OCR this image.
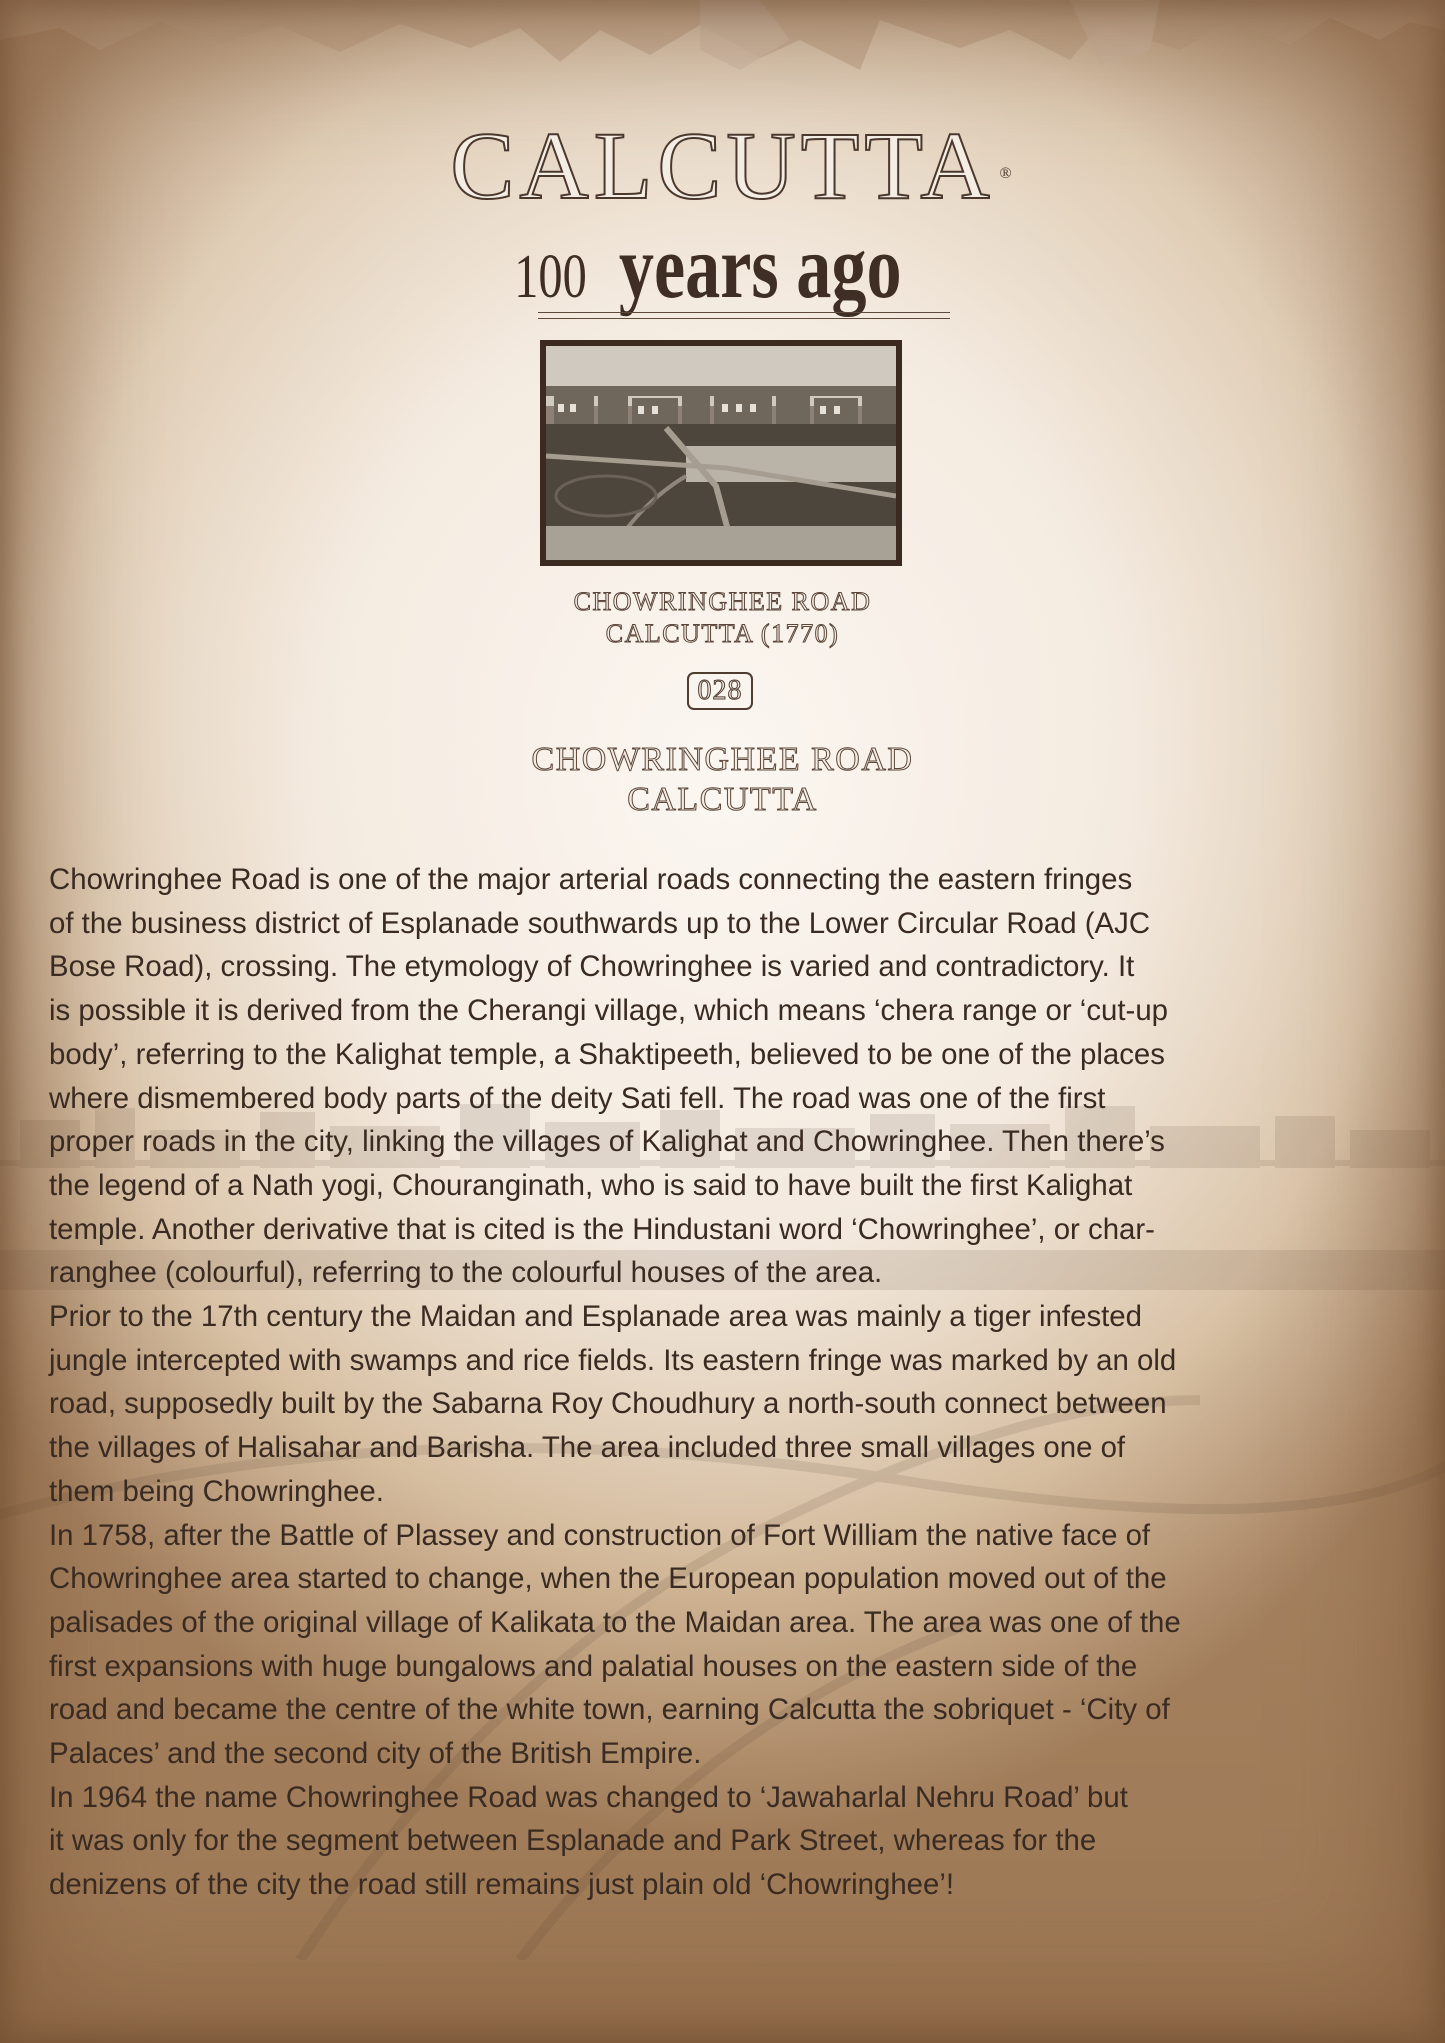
CALCUTTA ®
100 years ago
CHOWRINGHEE ROAD
CALCUTTA (1770)
028
CHOWRINGHEE ROAD
CALCUTTA

Chowringhee Road is one of the major arterial roads connecting the eastern fringes

of the business district of Esplanade southwards up to the Lower Circular Road (AJC

Bose Road), crossing. The etymology of Chowringhee is varied and contradictory. It

is possible it is derived from the Cherangi village, which means ‘chera range or ‘cut-up

body’, referring to the Kalighat temple, a Shaktipeeth, believed to be one of the places

where dismembered body parts of the deity Sati fell. The road was one of the first

proper roads in the city, linking the villages of Kalighat and Chowringhee. Then there’s

the legend of a Nath yogi, Chouranginath, who is said to have built the first Kalighat

temple. Another derivative that is cited is the Hindustani word ‘Chowringhee’, or char-

ranghee (colourful), referring to the colourful houses of the area.

Prior to the 17th century the Maidan and Esplanade area was mainly a tiger infested

jungle intercepted with swamps and rice fields. Its eastern fringe was marked by an old

road, supposedly built by the Sabarna Roy Choudhury a north-south connect between

the villages of Halisahar and Barisha. The area included three small villages one of

them being Chowringhee.

In 1758, after the Battle of Plassey and construction of Fort William the native face of

Chowringhee area started to change, when the European population moved out of the

palisades of the original village of Kalikata to the Maidan area. The area was one of the

first expansions with huge bungalows and palatial houses on the eastern side of the

road and became the centre of the white town, earning Calcutta the sobriquet - ‘City of

Palaces’ and the second city of the British Empire.

In 1964 the name Chowringhee Road was changed to ‘Jawaharlal Nehru Road’ but

it was only for the segment between Esplanade and Park Street, whereas for the

denizens of the city the road still remains just plain old ‘Chowringhee’!
